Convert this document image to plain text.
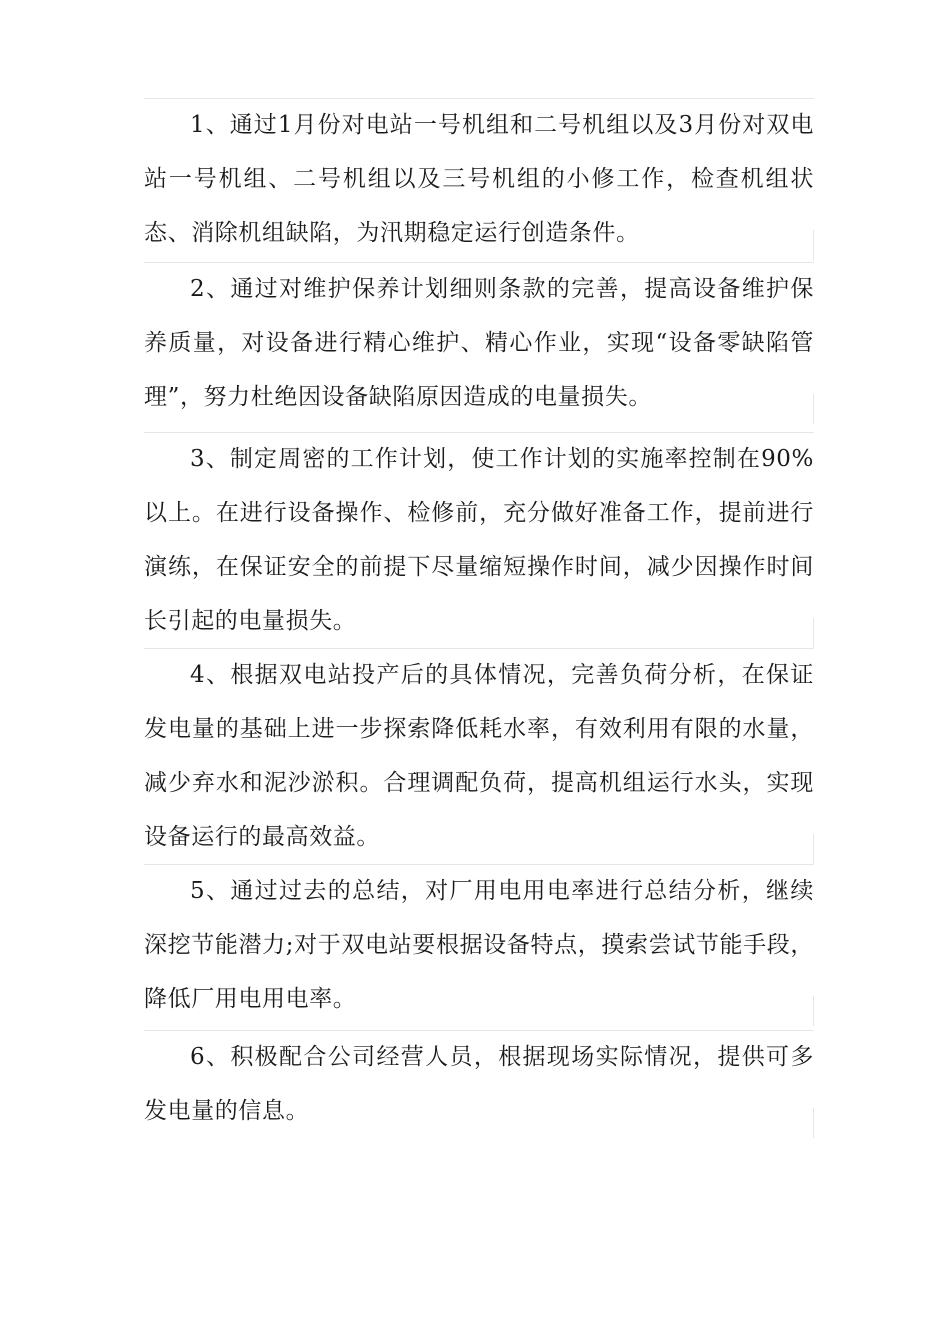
1、通过1月份对电站一号机组和二号机组以及3月份对双电站一号机组、二号机组以及三号机组的小修工作，检查机组状态、消除机组缺陷，为汛期稳定运行创造条件。

2、通过对维护保养计划细则条款的完善，提高设备维护保养质量，对设备进行精心维护、精心作业，实现“设备零缺陷管理”，努力杜绝因设备缺陷原因造成的电量损失。

3、制定周密的工作计划，使工作计划的实施率控制在90%以上。在进行设备操作、检修前，充分做好准备工作，提前进行演练，在保证安全的前提下尽量缩短操作时间，减少因操作时间长引起的电量损失。

4、根据双电站投产后的具体情况，完善负荷分析，在保证发电量的基础上进一步探索降低耗水率，有效利用有限的水量，减少弃水和泥沙淤积。合理调配负荷，提高机组运行水头，实现设备运行的最高效益。

5、通过过去的总结，对厂用电用电率进行总结分析，继续深挖节能潜力;对于双电站要根据设备特点，摸索尝试节能手段，降低厂用电用电率。

6、积极配合公司经营人员，根据现场实际情况，提供可多发电量的信息。
